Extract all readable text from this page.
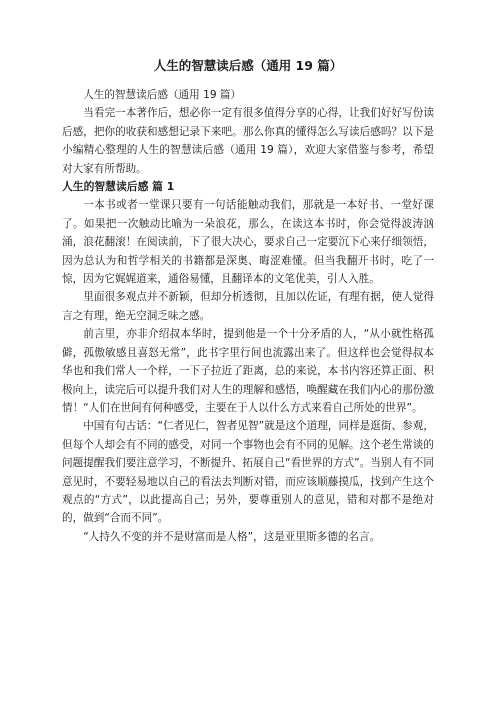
人生的智慧读后感（通用 19 篇）

人生的智慧读后感（通用 19 篇）

当看完一本著作后，想必你一定有很多值得分享的心得，让我们好好写份读后感，把你的收获和感想记录下来吧。那么你真的懂得怎么写读后感吗？以下是小编精心整理的人生的智慧读后感（通用 19 篇），欢迎大家借鉴与参考，希望对大家有所帮助。

人生的智慧读后感 篇 1

一本书或者一堂课只要有一句话能触动我们，那就是一本好书、一堂好课了。如果把一次触动比喻为一朵浪花，那么，在读这本书时，你会觉得波涛汹涌，浪花翻滚！在阅读前，下了很大决心，要求自己一定要沉下心来仔细领悟，因为总认为和哲学相关的书籍都是深奥、晦涩难懂。但当我翻开书时，吃了一惊，因为它娓娓道来，通俗易懂，且翻译本的文笔优美，引人入胜。

里面很多观点并不新颖，但却分析透彻，且加以佐证，有理有据，使人觉得言之有理，绝无空洞乏味之感。

前言里，亦非介绍叔本华时，提到他是一个十分矛盾的人，“从小就性格孤僻，孤傲敏感且喜怒无常”，此书字里行间也流露出来了。但这样也会觉得叔本华也和我们常人一个样，一下子拉近了距离，总的来说，本书内容还算正面、积极向上，读完后可以提升我们对人生的理解和感悟，唤醒藏在我们内心的那份激情！“人们在世间有何种感受，主要在于人以什么方式来看自己所处的世界”。

中国有句古话：“仁者见仁，智者见智”就是这个道理，同样是逛街、参观，但每个人却会有不同的感受，对同一个事物也会有不同的见解。这个老生常谈的问题提醒我们要注意学习，不断提升、拓展自己“看世界的方式”。当别人有不同意见时，不要轻易地以自己的看法去判断对错，而应该顺藤摸瓜，找到产生这个观点的“方式”，以此提高自己；另外，要尊重别人的意见，错和对都不是绝对的，做到“合而不同”。

“人持久不变的并不是财富而是人格”，这是亚里斯多德的名言。
